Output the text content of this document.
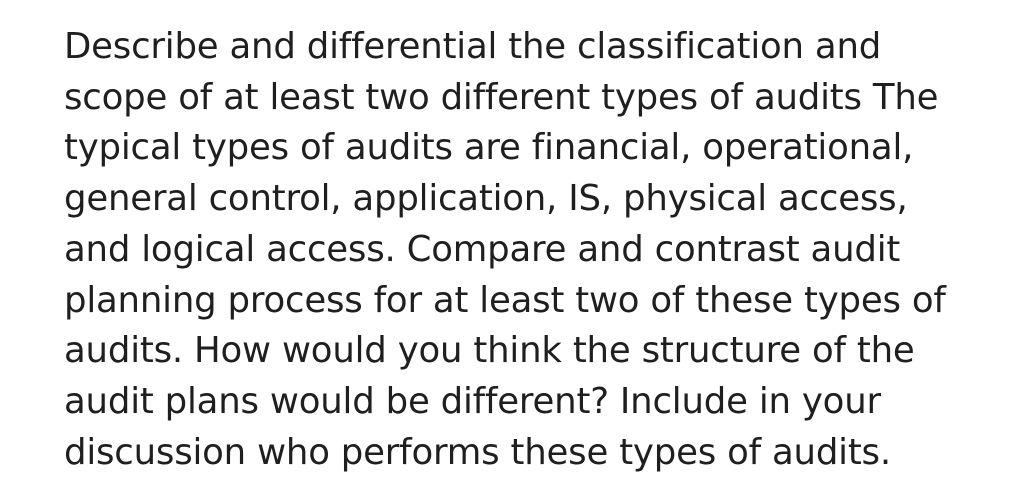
Describe and differential the classification and
scope of at least two different types of audits The
typical types of audits are financial, operational,
general control, application, IS, physical access,
and logical access. Compare and contrast audit
planning process for at least two of these types of
audits. How would you think the structure of the
audit plans would be different? Include in your
discussion who performs these types of audits.
